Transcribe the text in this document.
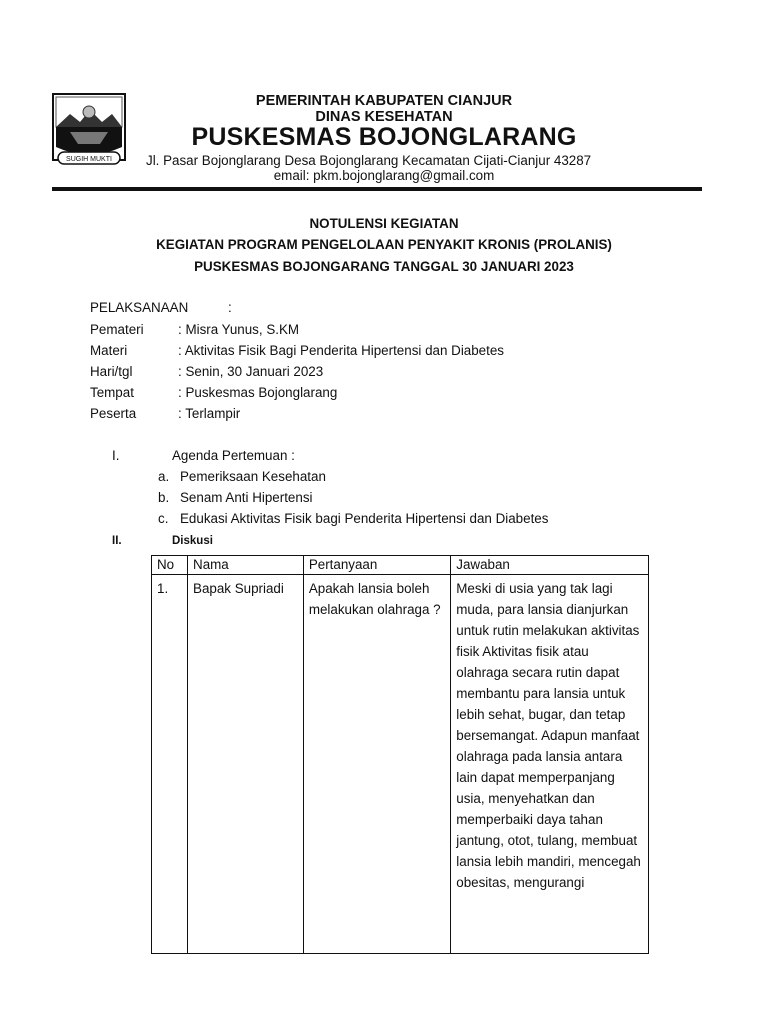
SUGIH MUKTI
PEMERINTAH KABUPATEN CIANJUR
DINAS KESEHATAN
PUSKESMAS BOJONGLARANG
Jl. Pasar Bojonglarang Desa Bojonglarang Kecamatan Cijati-Cianjur 43287
email: pkm.bojonglarang@gmail.com
NOTULENSI KEGIATAN
KEGIATAN PROGRAM PENGELOLAAN PENYAKIT KRONIS (PROLANIS)
PUSKESMAS BOJONGARANG TANGGAL 30 JANUARI 2023
PELAKSANAAN	:
Pemateri	: Misra Yunus, S.KM
Materi	: Aktivitas Fisik Bagi Penderita Hipertensi dan Diabetes
Hari/tgl	: Senin, 30 Januari 2023
Tempat	: Puskesmas Bojonglarang
Peserta	: Terlampir
I.	Agenda Pertemuan :
a. Pemeriksaan Kesehatan
b. Senam Anti Hipertensi
c. Edukasi Aktivitas Fisik bagi Penderita Hipertensi dan Diabetes
II.	Diskusi
No	Nama	Pertanyaan	Jawaban
1.	Bapak Supriadi	Apakah lansia boleh melakukan olahraga ?	Meski di usia yang tak lagi muda, para lansia dianjurkan untuk rutin melakukan aktivitas fisik Aktivitas fisik atau olahraga secara rutin dapat membantu para lansia untuk lebih sehat, bugar, dan tetap bersemangat. Adapun manfaat olahraga pada lansia antara lain dapat memperpanjang usia, menyehatkan dan memperbaiki daya tahan jantung, otot, tulang, membuat lansia lebih mandiri, mencegah obesitas, mengurangi
